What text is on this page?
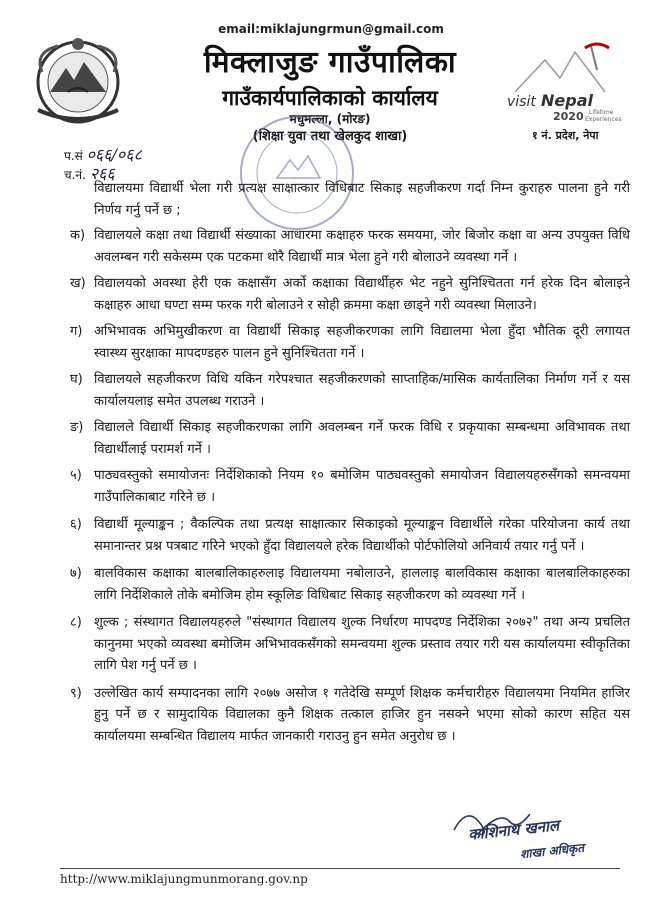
email:miklajungrmun@gmail.com
मिक्लाजुङ गाउँपालिका
गाउँकार्यपालिकाको कार्यालय
मधुमल्ला, (मोरङ)
(शिक्षा युवा तथा खेलकुद शाखा)	१ नं. प्रदेश, नेपा
visit Nepal
2020 Lifetime
Experiences
प.सं ०६६/०६८
च.नं. २६६

विद्यालयमा विद्यार्थी भेला गरी प्रत्यक्ष साक्षात्कार विधिबाट सिकाइ सहजीकरण गर्दा निम्न कुराहरु पालना हुने गरी निर्णय गर्नु पर्ने छ ;

क) विद्यालयले कक्षा तथा विद्यार्थी संख्याका आधारमा कक्षाहरु फरक समयमा, जोर बिजोर कक्षा वा अन्य उपयुक्त विधि अवलम्बन गरी सकेसम्म एक पटकमा थोरै विद्यार्थी मात्र भेला हुने गरी बोलाउने व्यवस्था गर्ने ।
ख) विद्यालयको अवस्था हेरी एक कक्षासँग अर्को कक्षाका विद्यार्थीहरु भेट नहुने सुनिश्चितता गर्न हरेक दिन बोलाइने कक्षाहरु आधा घण्टा सम्म फरक गरी बोलाउने र सोही क्रममा कक्षा छाड्ने गरी व्यवस्था मिलाउने।
ग) अभिभावक अभिमुखीकरण वा विद्यार्थी सिकाइ सहजीकरणका लागि विद्यालमा भेला हुँदा भौतिक दूरी लगायत स्वास्थ्य सुरक्षाका मापदण्डहरु पालन हुने सुनिश्चितता गर्ने ।
घ) विद्यालयले सहजीकरण विधि यकिन गरेपश्चात सहजीकरणको साप्ताहिक/मासिक कार्यतालिका निर्माण गर्ने र यस कार्यालयलाइ समेत उपलब्ध गराउने ।
ङ) विद्यालले विद्यार्थी सिकाइ सहजीकरणका लागि अवलम्बन गर्ने फरक विधि र प्रकृयाका सम्बन्धमा अविभावक तथा विद्यार्थीलाई परामर्श गर्ने ।
५) पाठ्यवस्तुको समायोजनः निर्देशिकाको नियम १० बमोजिम पाठ्यवस्तुको समायोजन विद्यालयहरुसँगको समन्वयमा गाउँपालिकाबाट गरिने छ ।
६) विद्यार्थी मूल्याङ्कन ; वैकल्पिक तथा प्रत्यक्ष साक्षात्कार सिकाइको मूल्याङ्कन विद्यार्थीले गरेका परियोजना कार्य तथा समानान्तर प्रश्न पत्रबाट गरिने भएको हुँदा विद्यालयले हरेक विद्यार्थीको पोर्टफोलियो अनिवार्य तयार गर्नु पर्ने ।
७) बालविकास कक्षाका बालबालिकाहरुलाइ विद्यालयमा नबोलाउने, हाललाइ बालविकास कक्षाका बालबालिकाहरुका लागि निर्देशिकाले तोके बमोजिम होम स्कूलिङ विधिबाट सिकाइ सहजीकरण को व्यवस्था गर्ने ।
८) शुल्क ; संस्थागत विद्यालयहरुले "संस्थागत विद्यालय शुल्क निर्धारण मापदण्ड निर्देशिका २०७२" तथा अन्य प्रचलित कानुनमा भएको व्यवस्था बमोजिम अभिभावकसँगको समन्वयमा शुल्क प्रस्ताव तयार गरी यस कार्यालयमा स्वीकृतिका लागि पेश गर्नु पर्ने छ ।
९) उल्लेखित कार्य सम्पादनका लागि २०७७ असोज १ गतेदेखि सम्पूर्ण शिक्षक कर्मचारीहरु विद्यालयमा नियमित हाजिर हुनु पर्ने छ र सामुदायिक विद्यालका कुनै शिक्षक तत्काल हाजिर हुन नसक्ने भएमा सोको कारण सहित यस कार्यालयमा सम्बन्धित विद्यालय मार्फत जानकारी गराउनु हुन समेत अनुरोध छ ।
काशिनाथ खनाल
शाखा अधिकृत
http://www.miklajungmunmorang.gov.np
